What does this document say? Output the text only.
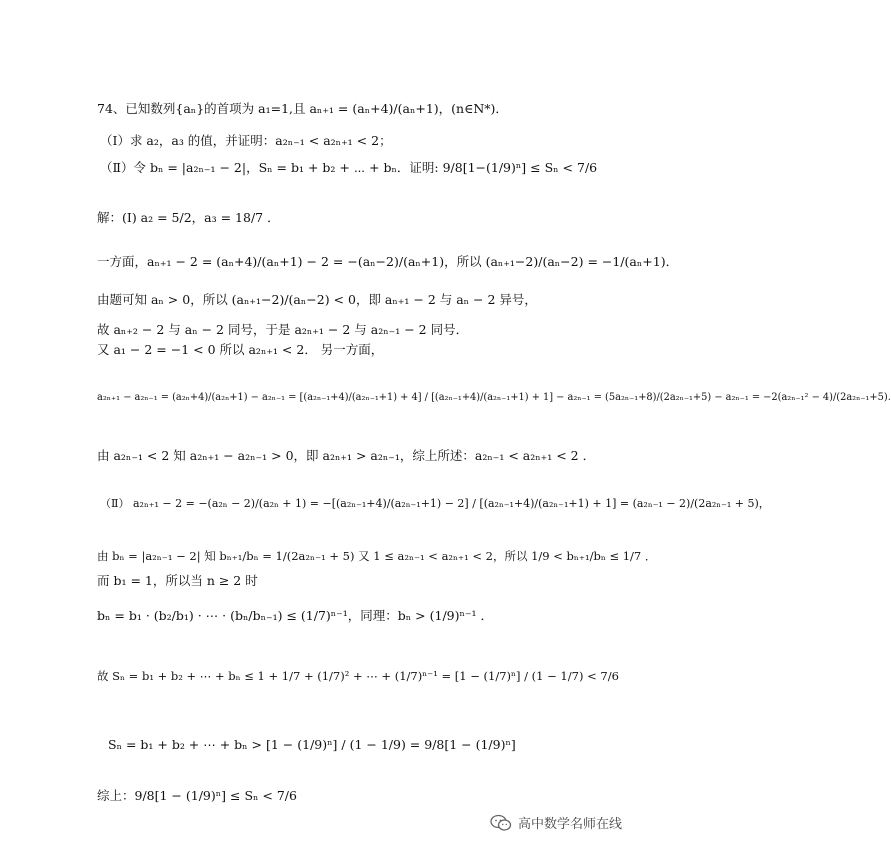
74、已知数列{aₙ}的首项为 a₁=1,且 aₙ₊₁ = (aₙ+4)/(aₙ+1)，(n∈N*)．
（Ⅰ）求 a₂，a₃ 的值，并证明：a₂ₙ₋₁ < a₂ₙ₊₁ < 2；
（Ⅱ）令 bₙ = |a₂ₙ₋₁ − 2|，Sₙ = b₁ + b₂ + ⋯ + bₙ．证明: 9/8[1−(1/9)ⁿ] ≤ Sₙ < 7/6
解：(Ⅰ) a₂ = 5/2，a₃ = 18/7 ．
一方面，aₙ₊₁ − 2 = (aₙ+4)/(aₙ+1) − 2 = −(aₙ−2)/(aₙ+1)，所以 (aₙ₊₁−2)/(aₙ−2) = −1/(aₙ+1)．
由题可知 aₙ > 0，所以 (aₙ₊₁−2)/(aₙ−2) < 0，即 aₙ₊₁ − 2 与 aₙ − 2 异号，
故 aₙ₊₂ − 2 与 aₙ − 2 同号，于是 a₂ₙ₊₁ − 2 与 a₂ₙ₋₁ − 2 同号．
又 a₁ − 2 = −1 < 0 所以 a₂ₙ₊₁ < 2． 另一方面，
a₂ₙ₊₁ − a₂ₙ₋₁ = (a₂ₙ+4)/(a₂ₙ+1) − a₂ₙ₋₁ = [(a₂ₙ₋₁+4)/(a₂ₙ₋₁+1) + 4] / [(a₂ₙ₋₁+4)/(a₂ₙ₋₁+1) + 1] − a₂ₙ₋₁ = (5a₂ₙ₋₁+8)/(2a₂ₙ₋₁+5) − a₂ₙ₋₁ = −2(a₂ₙ₋₁² − 4)/(2a₂ₙ₋₁+5).
由 a₂ₙ₋₁ < 2 知 a₂ₙ₊₁ − a₂ₙ₋₁ > 0，即 a₂ₙ₊₁ > a₂ₙ₋₁，综上所述：a₂ₙ₋₁ < a₂ₙ₊₁ < 2 ．
（Ⅱ） a₂ₙ₊₁ − 2 = −(a₂ₙ − 2)/(a₂ₙ + 1) = −[(a₂ₙ₋₁+4)/(a₂ₙ₋₁+1) − 2] / [(a₂ₙ₋₁+4)/(a₂ₙ₋₁+1) + 1] = (a₂ₙ₋₁ − 2)/(2a₂ₙ₋₁ + 5)，
由 bₙ = |a₂ₙ₋₁ − 2| 知 bₙ₊₁/bₙ = 1/(2a₂ₙ₋₁ + 5) 又 1 ≤ a₂ₙ₋₁ < a₂ₙ₊₁ < 2，所以 1/9 < bₙ₊₁/bₙ ≤ 1/7 ．
而 b₁ = 1，所以当 n ≥ 2 时
bₙ = b₁ · (b₂/b₁) · ⋯ · (bₙ/bₙ₋₁) ≤ (1/7)ⁿ⁻¹，同理：bₙ > (1/9)ⁿ⁻¹ ．
故 Sₙ = b₁ + b₂ + ⋯ + bₙ ≤ 1 + 1/7 + (1/7)² + ⋯ + (1/7)ⁿ⁻¹ = [1 − (1/7)ⁿ] / (1 − 1/7) < 7/6
Sₙ = b₁ + b₂ + ⋯ + bₙ > [1 − (1/9)ⁿ] / (1 − 1/9) = 9/8[1 − (1/9)ⁿ]
综上：9/8[1 − (1/9)ⁿ] ≤ Sₙ < 7/6
高中数学名师在线
